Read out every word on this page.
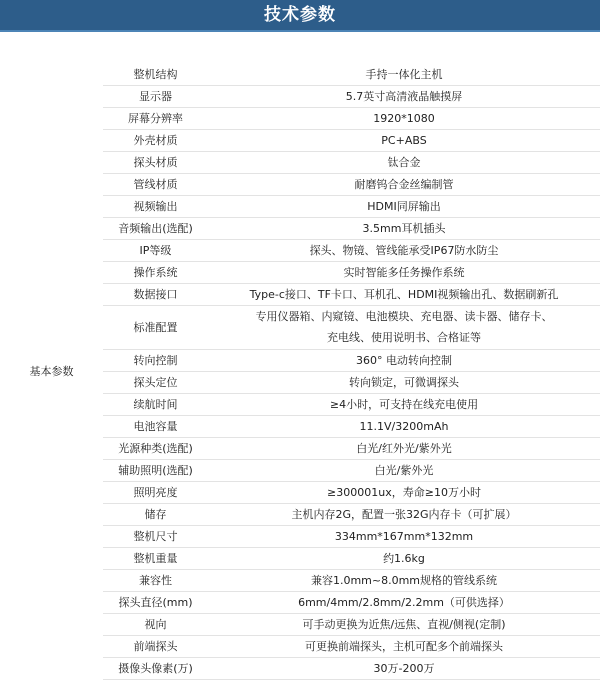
技术参数
基本参数	整机结构	手持一体化主机
	显示器	5.7英寸高清液晶触摸屏
	屏幕分辨率	1920*1080
	外壳材质	PC+ABS
	探头材质	钛合金
	管线材质	耐磨钨合金丝编制管
	视频输出	HDMI同屏输出
	音频输出(选配)	3.5mm耳机插头
	IP等级	探头、物镜、管线能承受IP67防水防尘
	操作系统	实时智能多任务操作系统
	数据接口	Type-c接口、TF卡口、耳机孔、HDMI视频输出孔、数据刷新孔
	标准配置	专用仪器箱、内窥镜、电池模块、充电器、读卡器、储存卡、
充电线、使用说明书、合格证等

	转向控制	360° 电动转向控制
	探头定位	转向锁定，可微调探头
	续航时间	≥4小时，可支持在线充电使用
	电池容量	11.1V/3200mAh
	光源种类(选配)	白光/红外光/紫外光
	辅助照明(选配)	白光/紫外光
	照明亮度	≥300001ux，寿命≥10万小时
	储存	主机内存2G，配置一张32G内存卡（可扩展）
	整机尺寸	334mm*167mm*132mm
	整机重量	约1.6kg
	兼容性	兼容1.0mm~8.0mm规格的管线系统
	探头直径(mm)	6mm/4mm/2.8mm/2.2mm（可供选择）
	视向	可手动更换为近焦/远焦、直视/侧视(定制)
	前端探头	可更换前端探头，主机可配多个前端探头
	摄像头像素(万)	30万-200万
